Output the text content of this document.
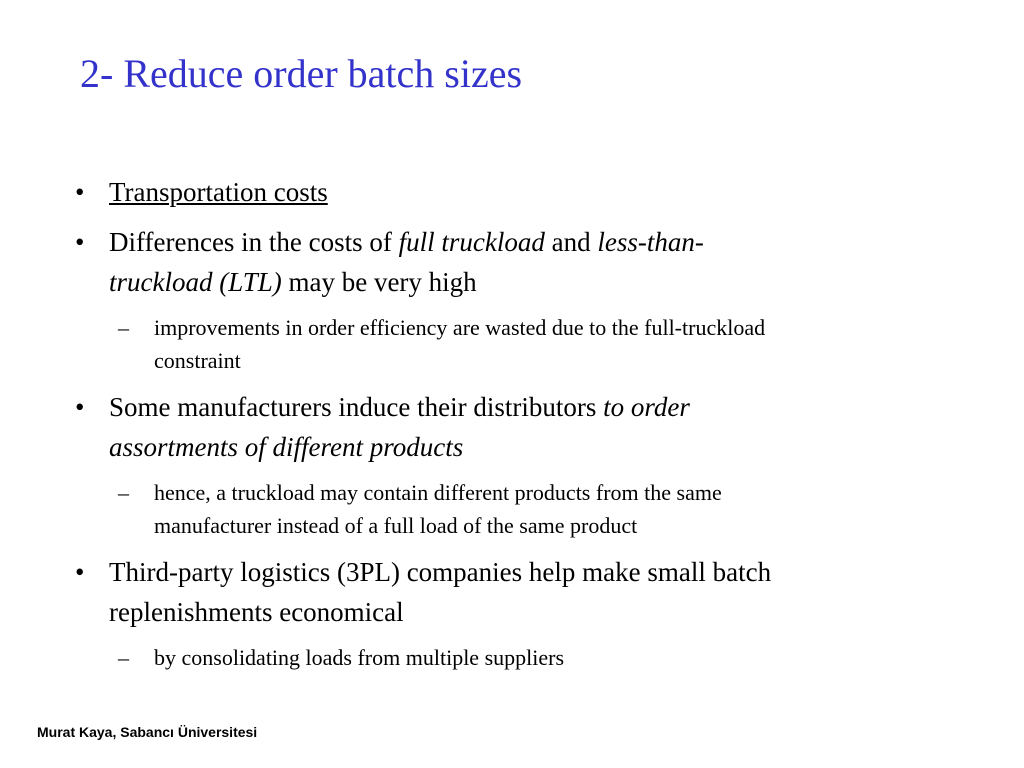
2- Reduce order batch sizes
• Transportation costs
• Differences in the costs of full truckload and less-than-
truckload (LTL) may be very high
– improvements in order efficiency are wasted due to the full-truckload
constraint
• Some manufacturers induce their distributors to order
assortments of different products
– hence, a truckload may contain different products from the same
manufacturer instead of a full load of the same product
• Third-party logistics (3PL) companies help make small batch
replenishments economical
– by consolidating loads from multiple suppliers
Murat Kaya, Sabancı Üniversitesi
